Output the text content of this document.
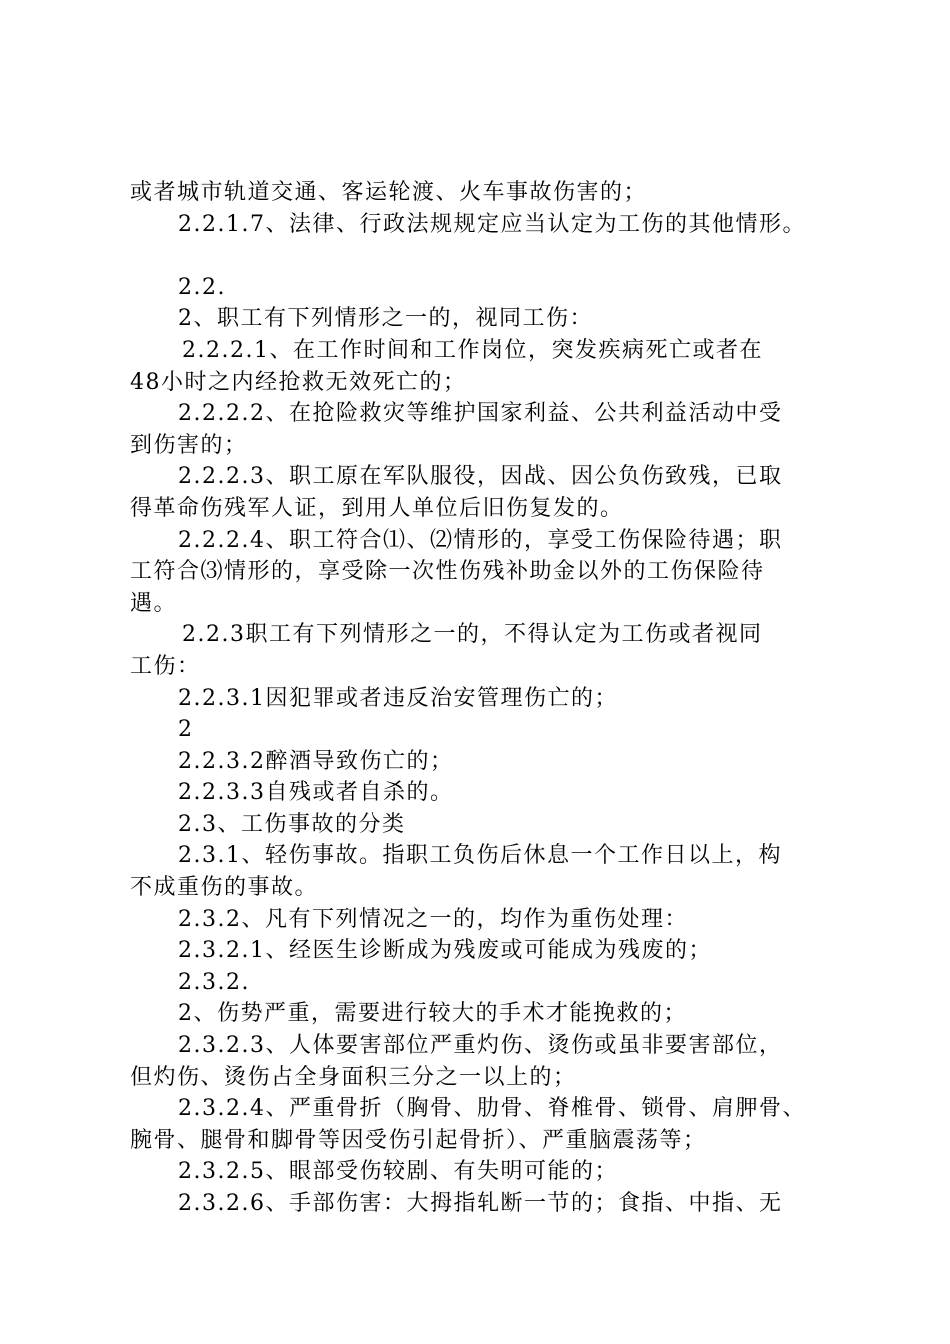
或者城市轨道交通、客运轮渡、火车事故伤害的；
2.2.1.7、法律、行政法规规定应当认定为工伤的其他情形。
2.2.
2、职工有下列情形之一的，视同工伤：
2.2.2.1、在工作时间和工作岗位，突发疾病死亡或者在
48小时之内经抢救无效死亡的；
2.2.2.2、在抢险救灾等维护国家利益、公共利益活动中受
到伤害的；
2.2.2.3、职工原在军队服役，因战、因公负伤致残，已取
得革命伤残军人证，到用人单位后旧伤复发的。
2.2.2.4、职工符合⑴、⑵情形的，享受工伤保险待遇；职
工符合⑶情形的，享受除一次性伤残补助金以外的工伤保险待
遇。
2.2.3职工有下列情形之一的，不得认定为工伤或者视同
工伤：
2.2.3.1因犯罪或者违反治安管理伤亡的；
2
2.2.3.2醉酒导致伤亡的；
2.2.3.3自残或者自杀的。
2.3、工伤事故的分类
2.3.1、轻伤事故。指职工负伤后休息一个工作日以上，构
不成重伤的事故。
2.3.2、凡有下列情况之一的，均作为重伤处理：
2.3.2.1、经医生诊断成为残废或可能成为残废的；
2.3.2.
2、伤势严重，需要进行较大的手术才能挽救的；
2.3.2.3、人体要害部位严重灼伤、烫伤或虽非要害部位，
但灼伤、烫伤占全身面积三分之一以上的；
2.3.2.4、严重骨折（胸骨、肋骨、脊椎骨、锁骨、肩胛骨、
腕骨、腿骨和脚骨等因受伤引起骨折）、严重脑震荡等；
2.3.2.5、眼部受伤较剧、有失明可能的；
2.3.2.6、手部伤害：大拇指轧断一节的；食指、中指、无
